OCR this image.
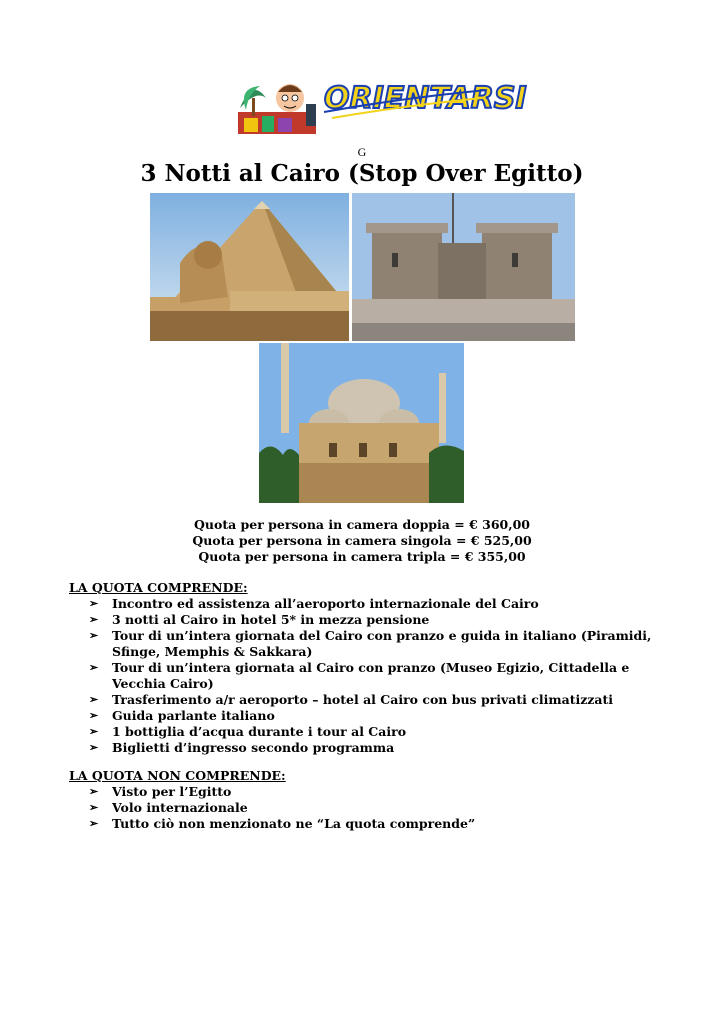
ORIENTARSI
G
3 Notti al Cairo (Stop Over Egitto)
Quota per persona in camera doppia = € 360,00
Quota per persona in camera singola = € 525,00
Quota per persona in camera tripla = € 355,00
LA QUOTA COMPRENDE:
➢ Incontro ed assistenza all’aeroporto internazionale del Cairo
➢ 3 notti al Cairo in hotel 5* in mezza pensione
➢ Tour di un’intera giornata del Cairo con pranzo e guida in italiano (Piramidi, Sfinge, Memphis & Sakkara)
➢ Tour di un’intera giornata al Cairo con pranzo (Museo Egizio, Cittadella e Vecchia Cairo)
➢ Trasferimento a/r aeroporto – hotel al Cairo con bus privati climatizzati
➢ Guida parlante italiano
➢ 1 bottiglia d’acqua durante i tour al Cairo
➢ Biglietti d’ingresso secondo programma
LA QUOTA NON COMPRENDE:
➢ Visto per l’Egitto
➢ Volo internazionale
➢ Tutto ciò non menzionato ne “La quota comprende”
